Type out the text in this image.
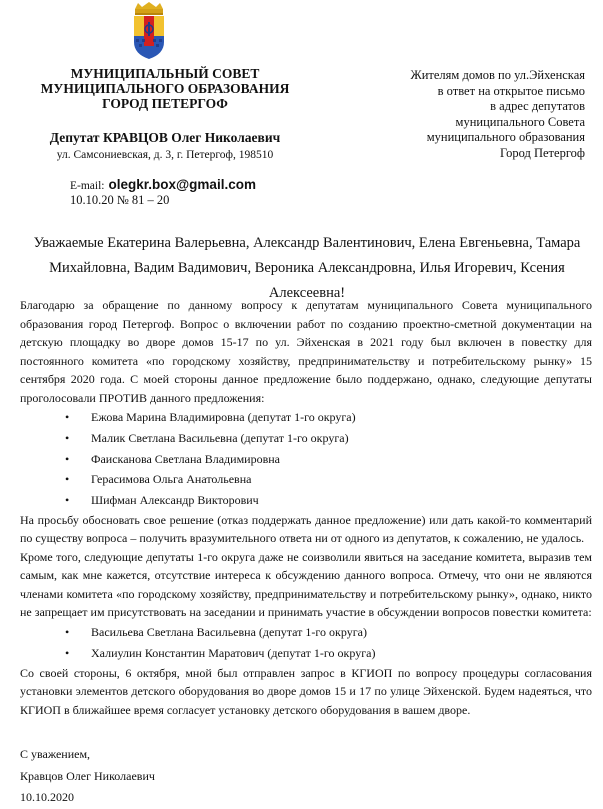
МУНИЦИПАЛЬНЫЙ СОВЕТ
МУНИЦИПАЛЬНОГО ОБРАЗОВАНИЯ
ГОРОД ПЕТЕРГОФ
Депутат КРАВЦОВ Олег Николаевич
ул. Самсониевская, д. 3, г. Петергоф, 198510
E-mail: olegkr.box@gmail.com
10.10.20 № 81 – 20
Жителям домов по ул.Эйхенская
в ответ на открытое письмо
в адрес депутатов
муниципального Совета
муниципального образования
Город Петергоф
Уважаемые Екатерина Валерьевна, Александр Валентинович, Елена Евгеньевна, Тамара
Михайловна, Вадим Вадимович, Вероника Александровна, Илья Игоревич, Ксения Алексеевна!

Благодарю за обращение по данному вопросу к депутатам муниципального Совета муниципального образования город Петергоф. Вопрос о включении работ по созданию проектно-сметной документации на детскую площадку во дворе домов 15-17 по ул. Эйхенская в 2021 году был включен в повестку для постоянного комитета «по городскому хозяйству, предпринимательству и потребительскому рынку» 15 сентября 2020 года. С моей стороны данное предложение было поддержано, однако, следующие депутаты проголосовали ПРОТИВ данного предложения:

• Ежова Марина Владимировна (депутат 1-го округа)
• Малик Светлана Васильевна (депутат 1-го округа)
• Фаисканова Светлана Владимировна
• Герасимова Ольга Анатольевна
• Шифман Александр Викторович

На просьбу обосновать свое решение (отказ поддержать данное предложение) или дать какой-то комментарий по существу вопроса – получить вразумительного ответа ни от одного из депутатов, к сожалению, не удалось.

Кроме того, следующие депутаты 1-го округа даже не соизволили явиться на заседание комитета, выразив тем самым, как мне кажется, отсутствие интереса к обсуждению данного вопроса. Отмечу, что они не являются членами комитета «по городскому хозяйству, предпринимательству и потребительскому рынку», однако, никто не запрещает им присутствовать на заседании и принимать участие в обсуждении вопросов повестки комитета:

• Васильева Светлана Васильевна (депутат 1-го округа)
• Халиулин Константин Маратович (депутат 1-го округа)

Со своей стороны, 6 октября, мной был отправлен запрос в КГИОП по вопросу процедуры согласования установки элементов детского оборудования во дворе домов 15 и 17 по улице Эйхенской. Будем надеяться, что КГИОП в ближайшее время согласует установку детского оборудования в вашем дворе.

С уважением,
Кравцов Олег Николаевич
10.10.2020
